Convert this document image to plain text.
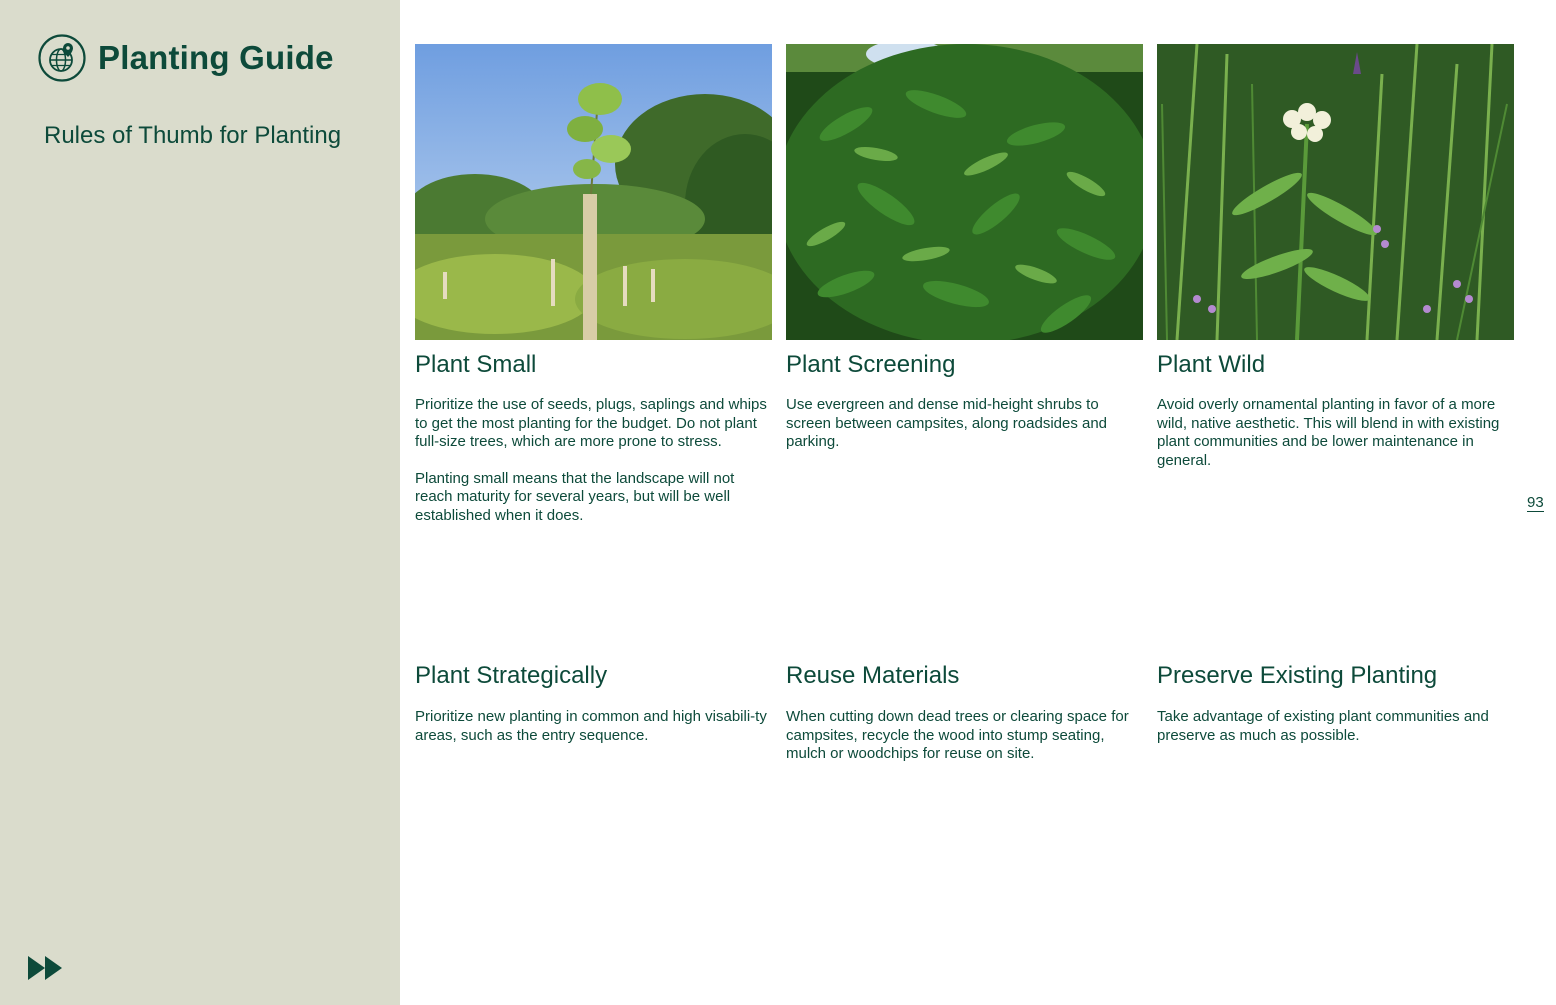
Planting Guide
Rules of Thumb for Planting
Plant Small

Prioritize the use of seeds, plugs, saplings and whips to get the most planting for the budget. Do not plant full-size trees, which are more prone to stress.

Planting small means that the landscape will not reach maturity for several years, but will be well established when it does.

Plant Screening

Use evergreen and dense mid-height shrubs to screen between campsites, along roadsides and parking.

Plant Wild

Avoid overly ornamental planting in favor of a more wild, native aesthetic. This will blend in with existing plant communities and be lower maintenance in general.

Plant Strategically

Prioritize new planting in common and high visabili-ty areas, such as the entry sequence.

Reuse Materials

When cutting down dead trees or clearing space for campsites, recycle the wood into stump seating, mulch or woodchips for reuse on site.

Preserve Existing Planting

Take advantage of existing plant communities and preserve as much as possible.

93
